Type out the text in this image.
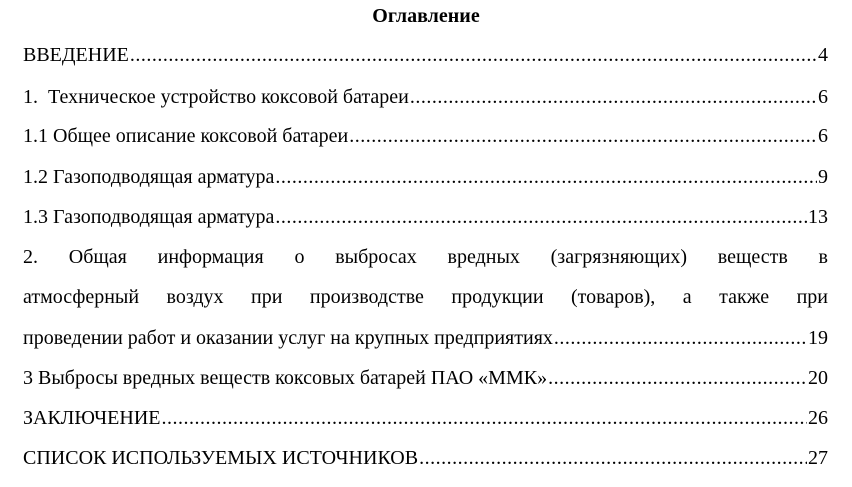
Оглавление
ВВЕДЕНИЕ .....	4
1.  Техническое устройство коксовой батареи .....	6
1.1 Общее описание коксовой батареи .....	6
1.2 Газоподводящая арматура .....	9
1.3 Газоподводящая арматура .....	13
2. Общая информация о выбросах вредных (загрязняющих) веществ в
атмосферный воздух при производстве продукции (товаров), а также при
проведении работ и оказании услуг на крупных предприятиях .....	19
3 Выбросы вредных веществ коксовых батарей ПАО «ММК» .....	20
ЗАКЛЮЧЕНИЕ .....	26
СПИСОК ИСПОЛЬЗУЕМЫХ ИСТОЧНИКОВ .....	27
